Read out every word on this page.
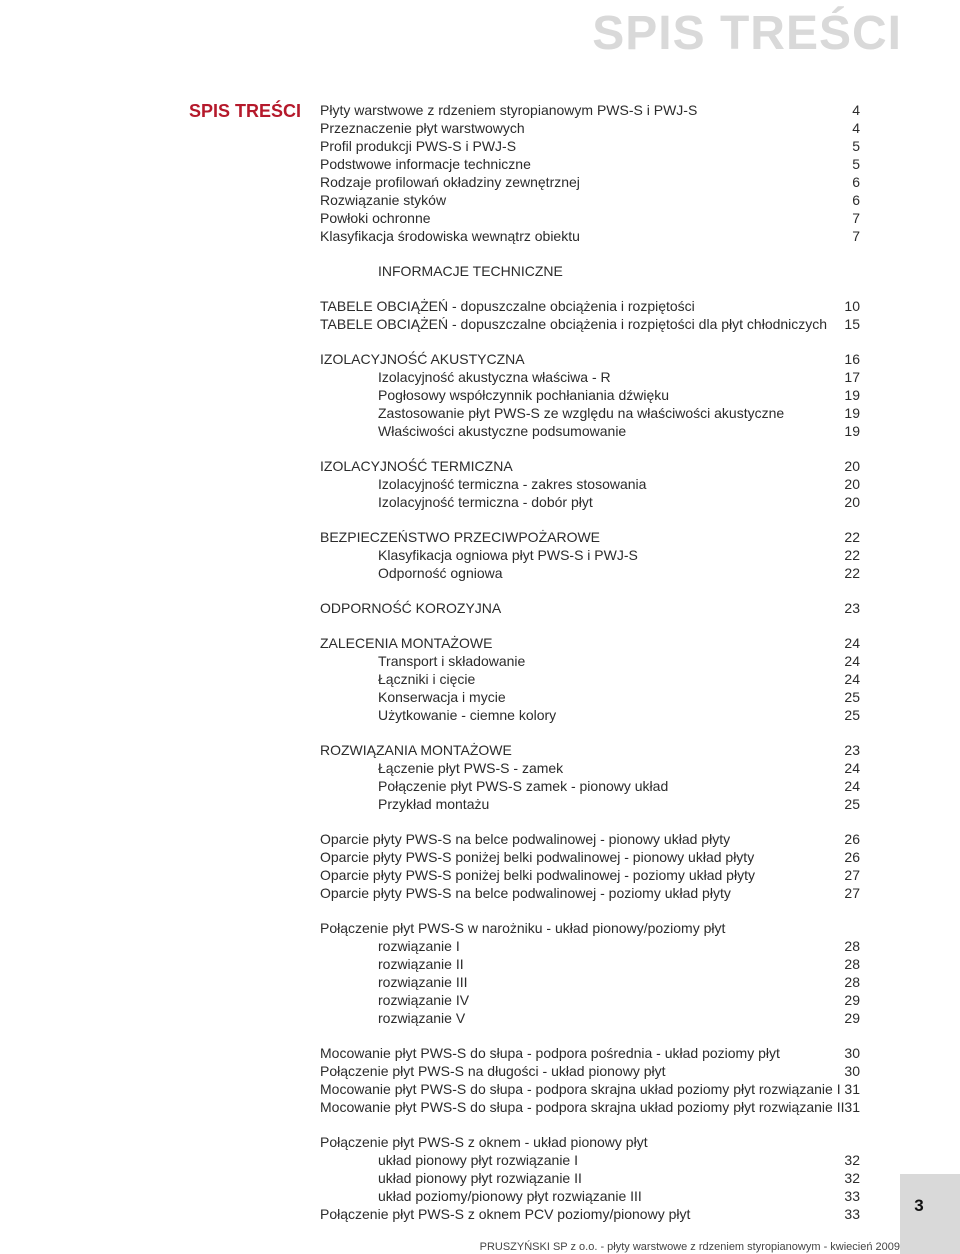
SPIS TREŚCI
SPIS TREŚCI Płyty warstwowe z rdzeniem styropianowym PWS-S i PWJ-S	4
Przeznaczenie płyt warstwowych	4
Profil produkcji PWS-S i PWJ-S	5
Podstwowe informacje techniczne	5
Rodzaje profilowań okładziny zewnętrznej	6
Rozwiązanie styków	6
Powłoki ochronne	7
Klasyfikacja środowiska wewnątrz obiektu	7
INFORMACJE TECHNICZNE
TABELE OBCIĄŻEŃ - dopuszczalne obciążenia i rozpiętości	10
TABELE OBCIĄŻEŃ - dopuszczalne obciążenia i rozpiętości dla płyt chłodniczych 15
IZOLACYJNOŚĆ AKUSTYCZNA	16
Izolacyjność akustyczna właściwa - R	17
Pogłosowy współczynnik pochłaniania dźwięku	19
Zastosowanie płyt PWS-S ze względu na właściwości akustyczne	19
Właściwości akustyczne podsumowanie	19
IZOLACYJNOŚĆ TERMICZNA	20
Izolacyjność termiczna - zakres stosowania	20
Izolacyjność termiczna - dobór płyt	20
BEZPIECZEŃSTWO PRZECIWPOŻAROWE	22
Klasyfikacja ogniowa płyt PWS-S i PWJ-S	22
Odporność ogniowa	22
ODPORNOŚĆ KOROZYJNA	23
ZALECENIA MONTAŻOWE	24
Transport i składowanie	24
Łączniki i cięcie	24
Konserwacja i mycie	25
Użytkowanie - ciemne kolory	25
ROZWIĄZANIA MONTAŻOWE	23
Łączenie płyt PWS-S - zamek	24
Połączenie płyt PWS-S zamek - pionowy układ	24
Przykład montażu	25
Oparcie płyty PWS-S na belce podwalinowej - pionowy układ płyty	26
Oparcie płyty PWS-S poniżej belki podwalinowej - pionowy układ płyty	26
Oparcie płyty PWS-S poniżej belki podwalinowej - poziomy układ płyty	27
Oparcie płyty PWS-S na belce podwalinowej - poziomy układ płyty	27
Połączenie płyt PWS-S w narożniku - układ pionowy/poziomy płyt
rozwiązanie I	28
rozwiązanie II	28
rozwiązanie III	28
rozwiązanie IV	29
rozwiązanie V	29
Mocowanie płyt PWS-S do słupa - podpora pośrednia - układ poziomy płyt	30
Połączenie płyt PWS-S na długości - układ pionowy płyt	30
Mocowanie płyt PWS-S do słupa - podpora skrajna układ poziomy płyt rozwiązanie I 31
Mocowanie płyt PWS-S do słupa - podpora skrajna układ poziomy płyt rozwiązanie II 31
Połączenie płyt PWS-S z oknem - układ pionowy płyt
układ pionowy płyt rozwiązanie I	32
układ pionowy płyt rozwiązanie II	32
układ poziomy/pionowy płyt rozwiązanie III	33
Połączenie płyt PWS-S z oknem PCV poziomy/pionowy płyt	33	3
PRUSZYŃSKI SP z o.o. - płyty warstwowe z rdzeniem styropianowym - kwiecień 2009
